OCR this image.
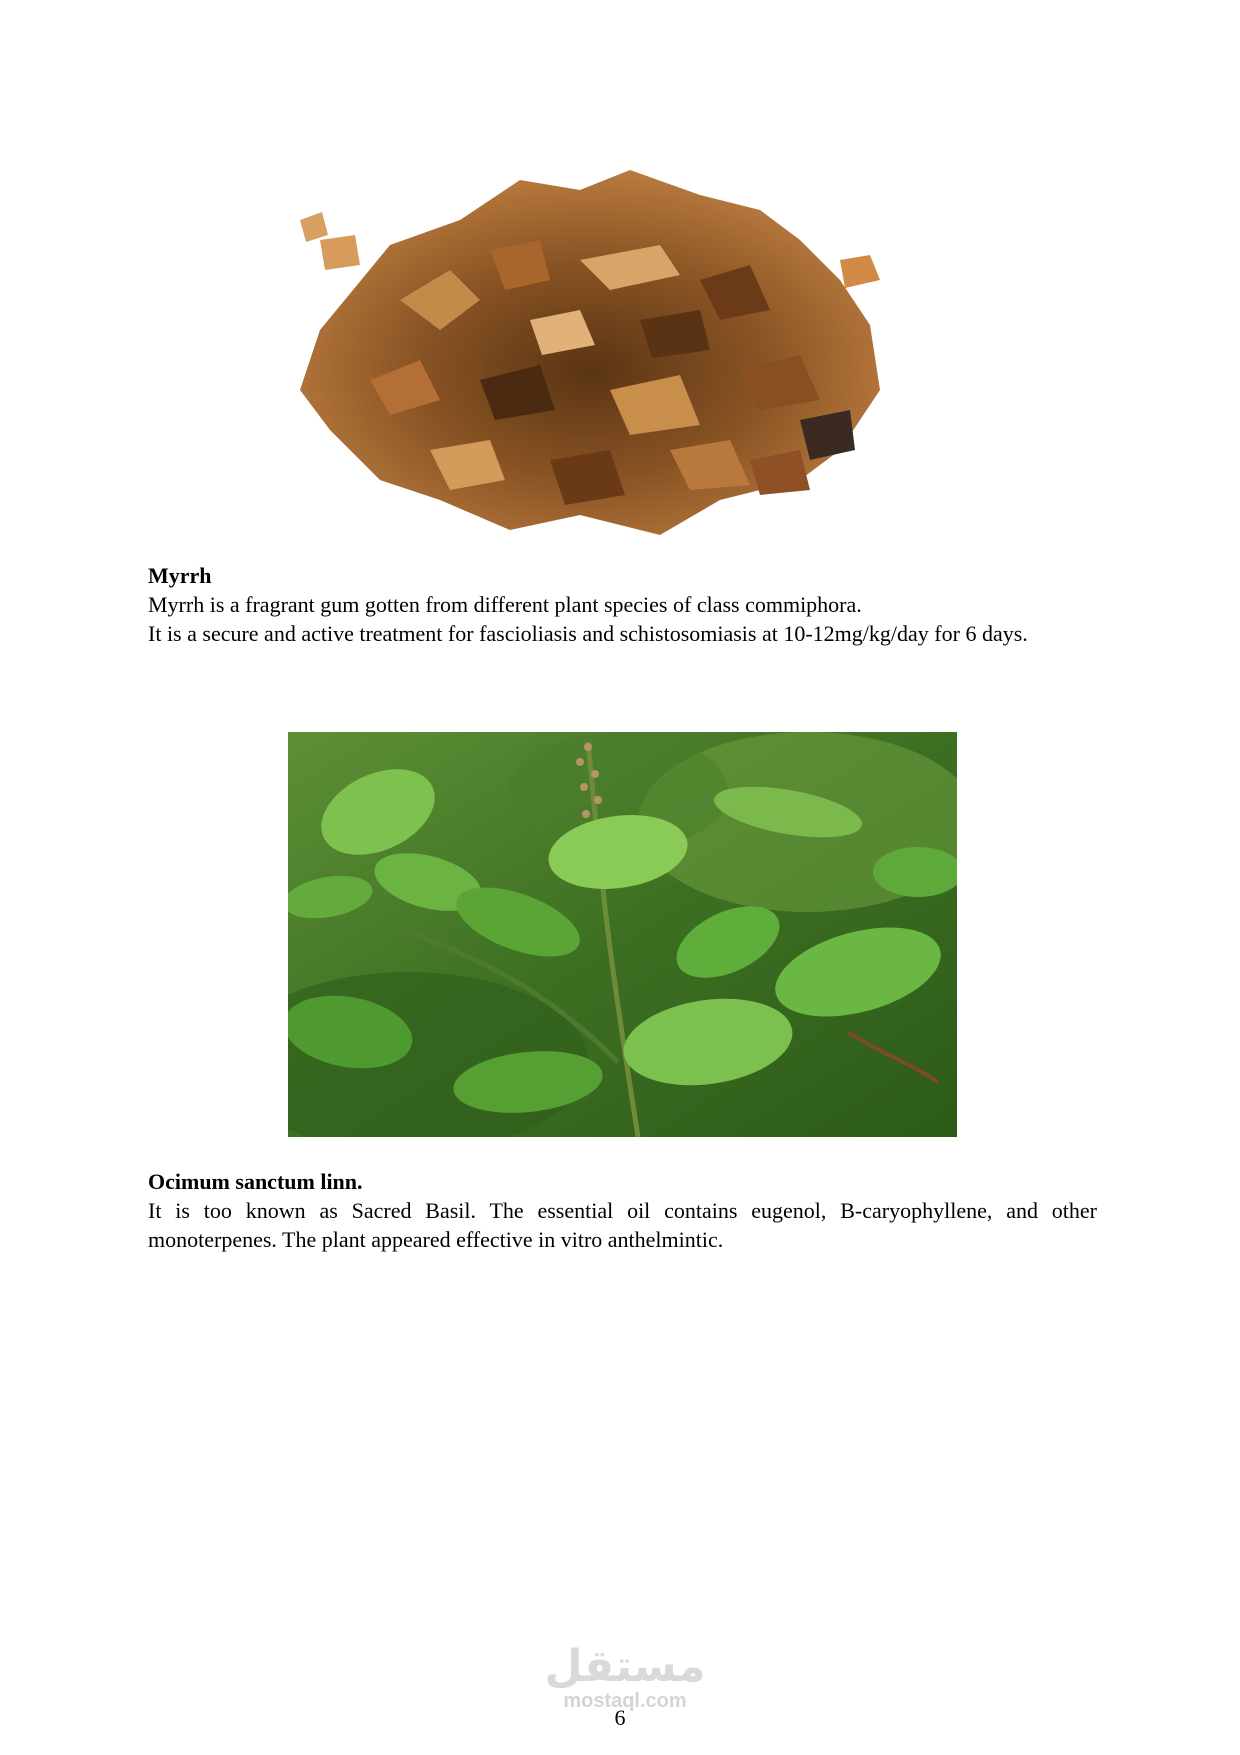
Myrrh

Myrrh is a fragrant gum gotten from different plant species of class commiphora.

It is a secure and active treatment for fascioliasis and schistosomiasis at 10-12mg/kg/day for 6 days.

Ocimum sanctum linn.

It is too known as Sacred Basil. The essential oil contains eugenol, B-caryophyllene, and other monoterpenes. The plant appeared effective in vitro anthelmintic.

مستقل
mostaql.com
6
